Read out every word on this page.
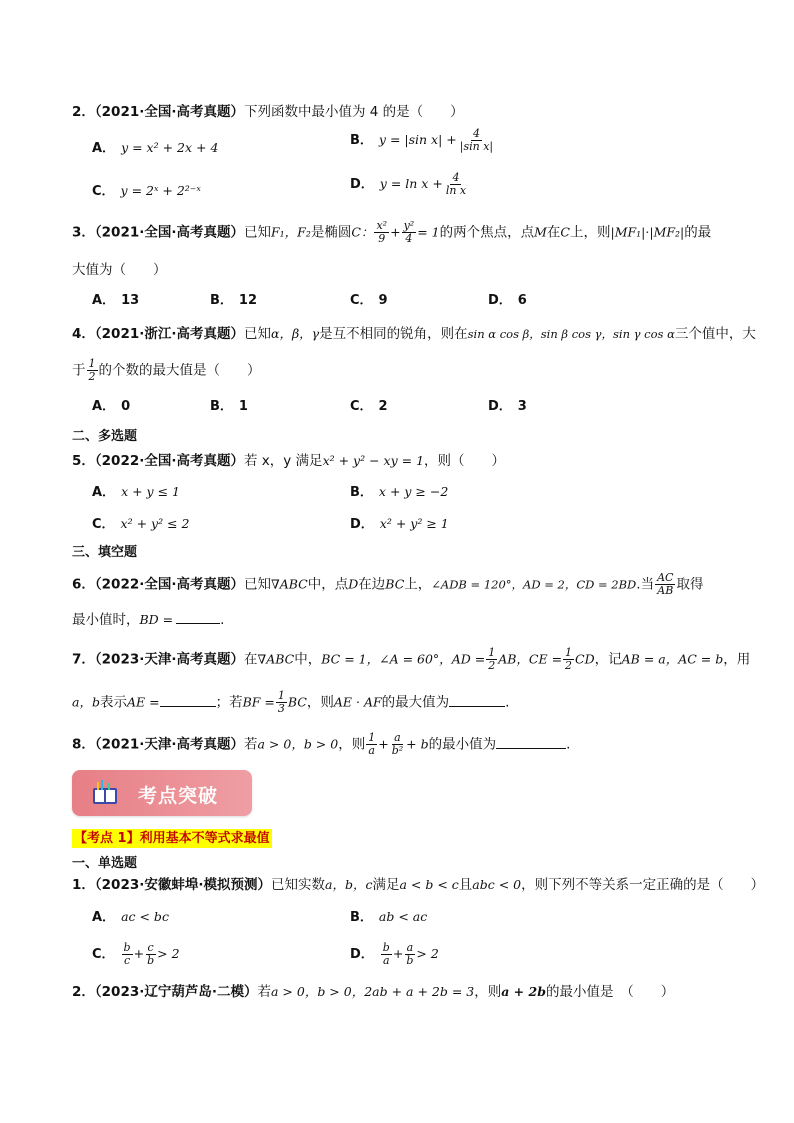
2．（2021·全国·高考真题）下列函数中最小值为 4 的是（　　）
A． y = x² + 2x + 4	B． y = |sin $x| + \frac{4}{\text{|sin x|}}$
C． y = 2ˣ + 2²⁻ˣ	D． $y = \ln x + \frac{4}{\text{ln x}}$
3．（2021·全国·高考真题）已知F₁，F₂是椭圆C： $\frac{\text{x²}}{9} + \frac{\text{y²}}{4} = 1$的两个焦点，点M在C上，则|MF₁|·|MF₂|的最
大值为（　　）
A． 13	B． 12	C． 9	D． 6
4．（2021·浙江·高考真题）已知α，β，γ是互不相同的锐角，则在sin α cos β，sin β cos γ，sin γ cos α三个值中，大
于 $\frac{1}{2}$ 的个数的最大值是（　　）
A． 0	B． 1	C． 2	D． 3
二、多选题
5．（2022·全国·高考真题）若 x，y 满足x² + y² − xy = 1，则（　　）
A． x + y ≤ 1	B． x + y ≥ −2
C． x² + y² ≤ 2	D． x² + y² ≥ 1
三、填空题
6．（2022·全国·高考真题）已知∇ABC中，点D在边BC上，∠ADB = 120°，AD = 2，CD = 2BD.当 $\frac{AC}{AB}$ 取得
最小值时，BD =	.
7．（2023·天津·高考真题）在∇ABC中，BC = 1，∠A = 60°，AD = $\frac{1}{2}$ AB，CE = $\frac{1}{2}$ CD，记AB = a，AC = b，用
a，b表示AE =	；若BF = $\frac{1}{3}$ BC，则AE · AF的最大值为	.
8．（2021·天津·高考真题）若a > 0，b > 0，则 $\frac{1}{a} + \frac{a}{\text{b²}} + b$的最小值为	.
考点突破
【考点 1】利用基本不等式求最值
一、单选题
1．（2023·安徽蚌埠·模拟预测）已知实数a，b，c满足a < b < c且abc < 0，则下列不等关系一定正确的是（　　）
A． ac < bc	B． ab < ac
C． $\frac{b}{c} + \frac{c}{b} > 2$	D． $\frac{b}{a} + \frac{a}{b} > 2$
2．（2023·辽宁葫芦岛·二模）若a > 0，b > 0，2ab + a + 2b = 3，则a + 2b的最小值是　（　　）
